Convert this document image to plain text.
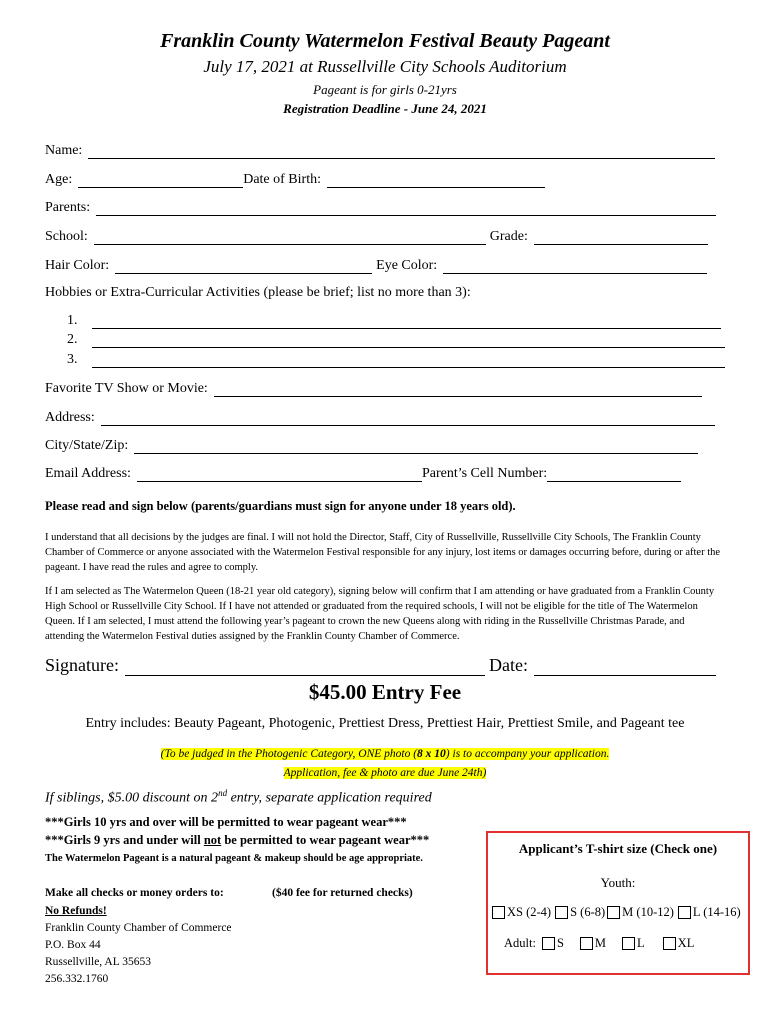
Franklin County Watermelon Festival Beauty Pageant
July 17, 2021 at Russellville City Schools Auditorium
Pageant is for girls 0-21yrs
Registration Deadline - June 24, 2021
Name:
Age:	Date of Birth:
Parents:
School:	Grade:
Hair Color:	Eye Color:
Hobbies or Extra-Curricular Activities (please be brief; list no more than 3):
1.
2.
3.
Favorite TV Show or Movie:
Address:
City/State/Zip:
Email Address:	Parent’s Cell Number:
Please read and sign below (parents/guardians must sign for anyone under 18 years old).
I understand that all decisions by the judges are final. I will not hold the Director, Staff, City of Russellville, Russellville City Schools, The Franklin County Chamber of Commerce or anyone associated with the Watermelon Festival responsible for any injury, lost items or damages occurring before, during or after the pageant. I have read the rules and agree to comply.
If I am selected as The Watermelon Queen (18-21 year old category), signing below will confirm that I am attending or have graduated from a Franklin County High School or Russellville City School. If I have not attended or graduated from the required schools, I will not be eligible for the title of The Watermelon Queen. If I am selected, I must attend the following year’s pageant to crown the new Queens along with riding in the Russellville Christmas Parade, and attending the Watermelon Festival duties assigned by the Franklin County Chamber of Commerce.
Signature:	Date:
$45.00 Entry Fee
Entry includes: Beauty Pageant, Photogenic, Prettiest Dress, Prettiest Hair, Prettiest Smile, and Pageant tee
(To be judged in the Photogenic Category, ONE photo (8 x 10) is to accompany your application.
Application, fee & photo are due June 24th)
If siblings, $5.00 discount on 2nd entry, separate application required
***Girls 10 yrs and over will be permitted to wear pageant wear***
***Girls 9 yrs and under will not be permitted to wear pageant wear***
The Watermelon Pageant is a natural pageant & makeup should be age appropriate.
Make all checks or money orders to:	($40 fee for returned checks)
No Refunds!
Franklin County Chamber of Commerce
P.O. Box 44
Russellville, AL 35653
256.332.1760
Applicant’s T-shirt size (Check one)
Youth:
XS (2-4) S (6-8) M (10-12) L (14-16)
Adult: S M L	XL
